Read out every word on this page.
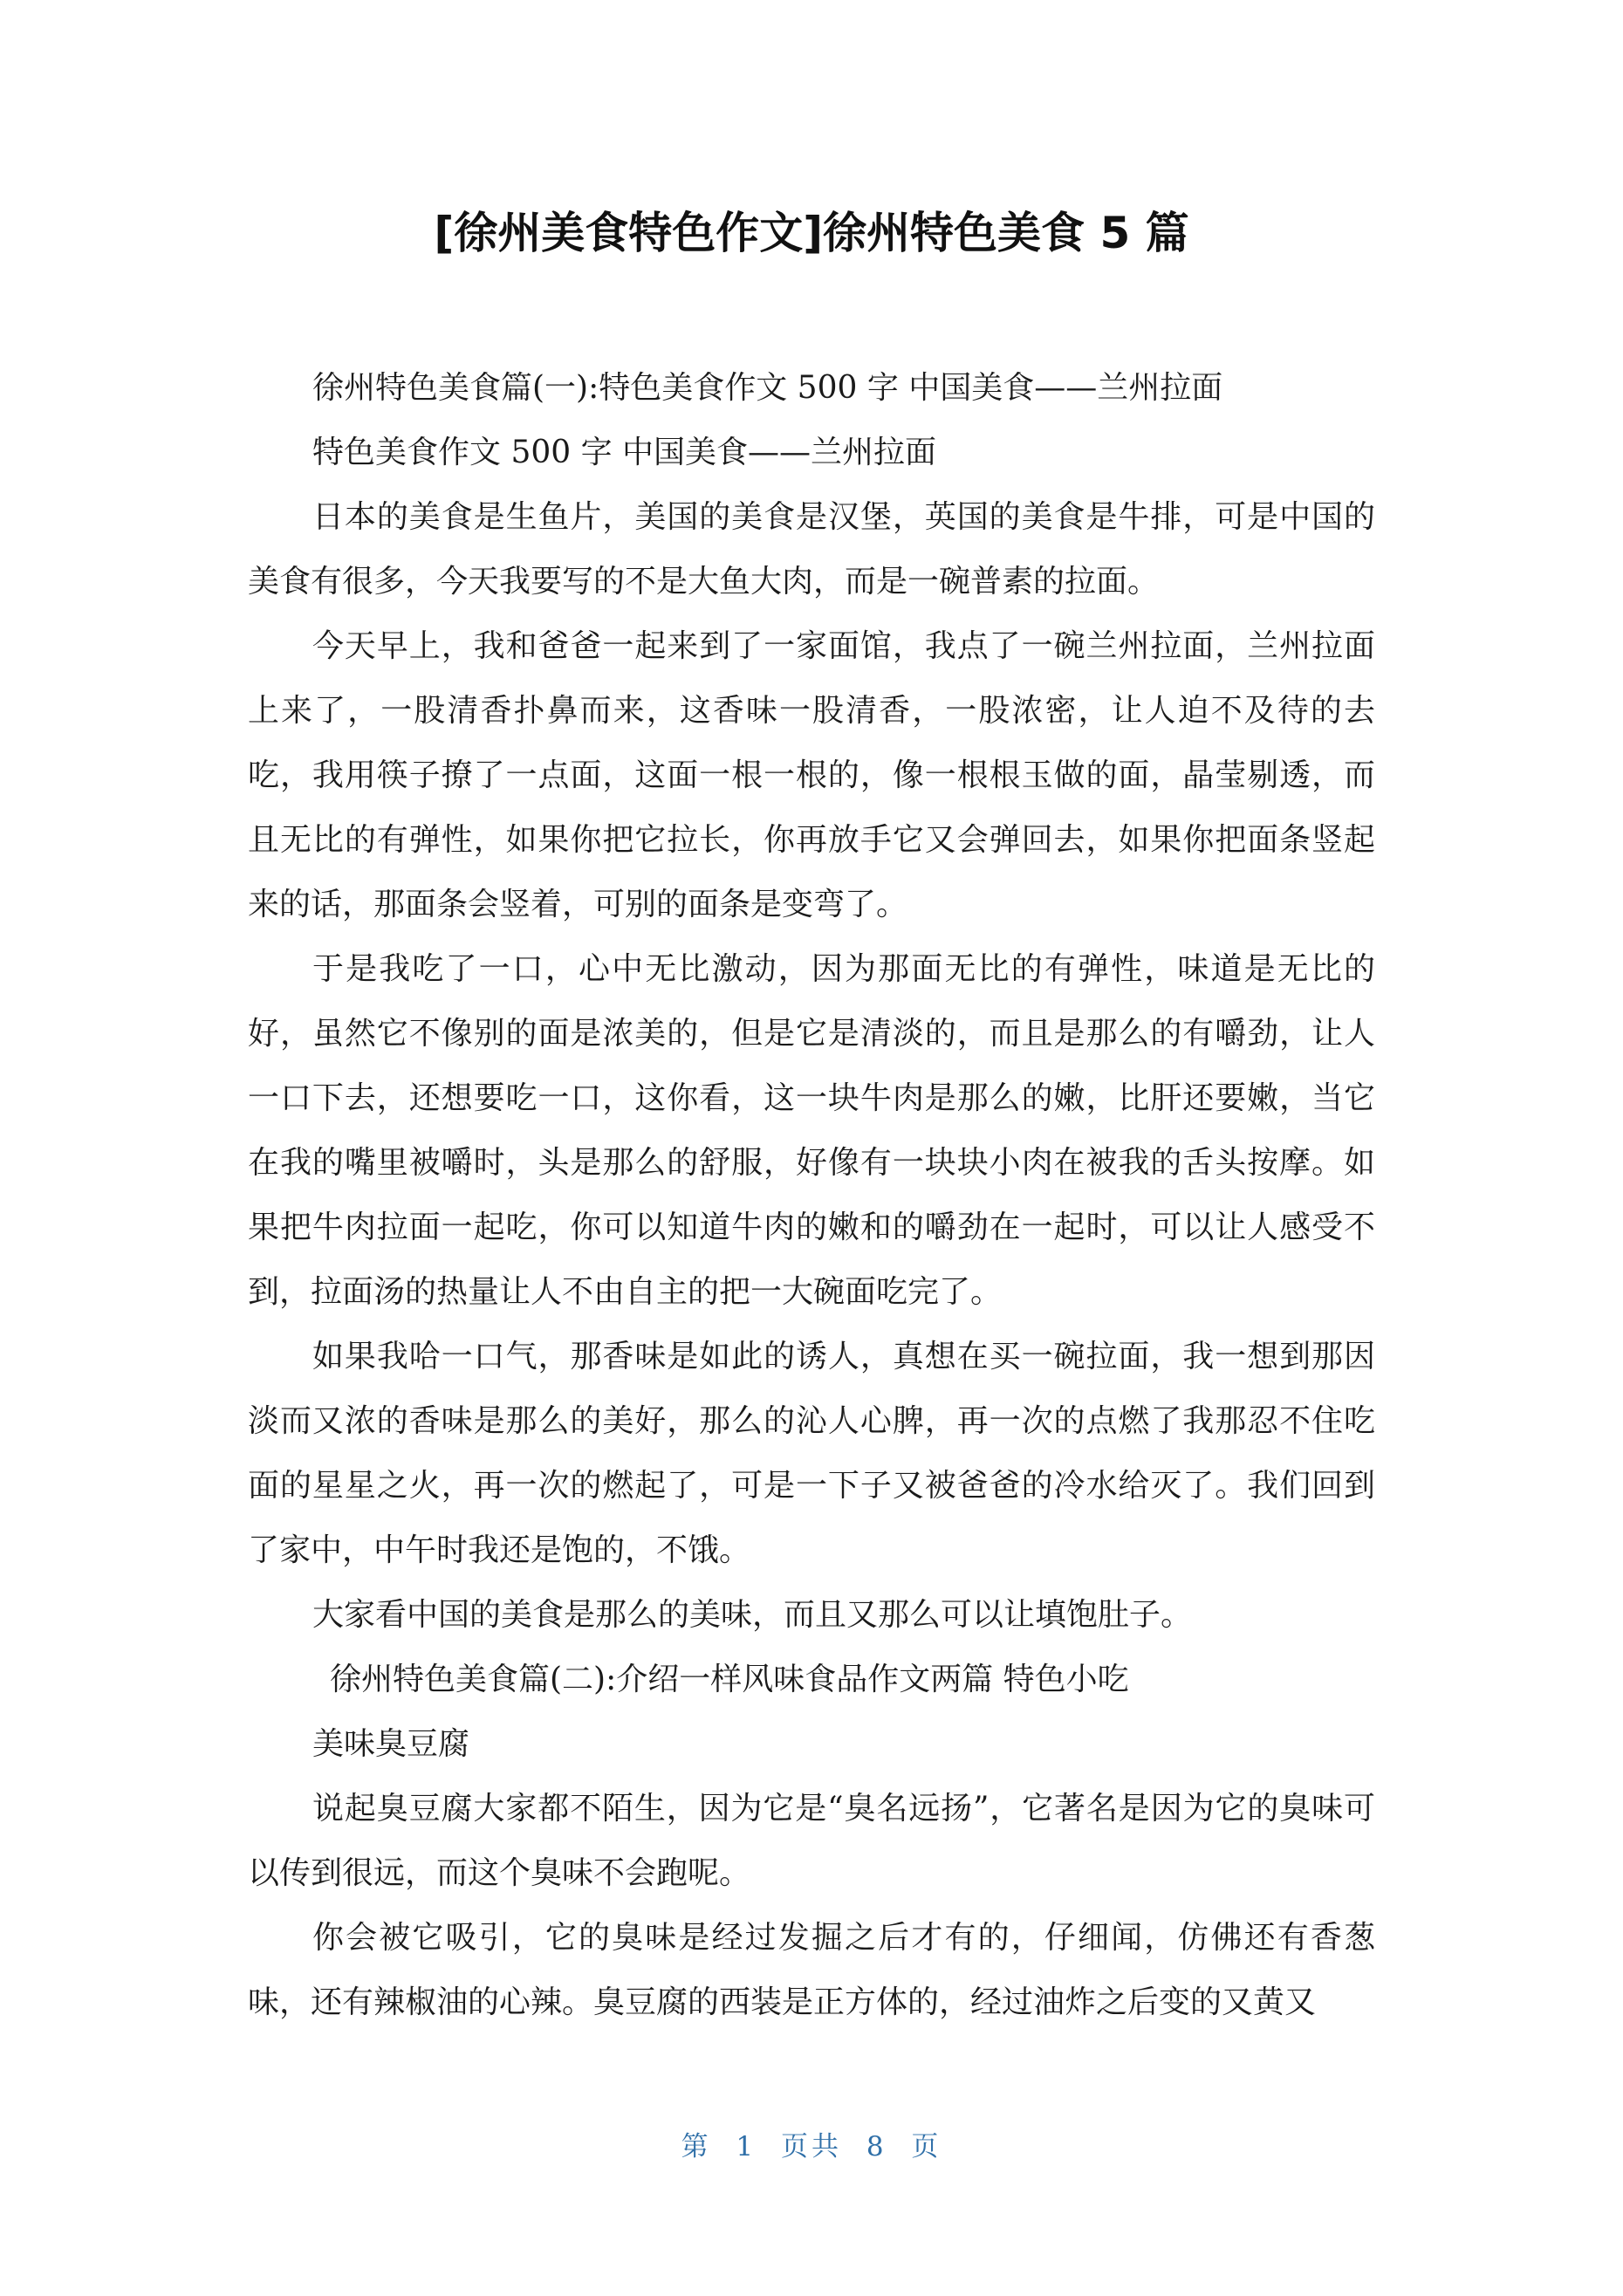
[徐州美食特色作文]徐州特色美食 5 篇

徐州特色美食篇(一):特色美食作文 500 字 中国美食——兰州拉面

特色美食作文 500 字 中国美食——兰州拉面

日本的美食是生鱼片，美国的美食是汉堡，英国的美食是牛排，可是中国的美食有很多，今天我要写的不是大鱼大肉，而是一碗普素的拉面。

今天早上，我和爸爸一起来到了一家面馆，我点了一碗兰州拉面，兰州拉面上来了，一股清香扑鼻而来，这香味一股清香，一股浓密，让人迫不及待的去吃，我用筷子撩了一点面，这面一根一根的，像一根根玉做的面，晶莹剔透，而且无比的有弹性，如果你把它拉长，你再放手它又会弹回去，如果你把面条竖起来的话，那面条会竖着，可别的面条是变弯了。

于是我吃了一口，心中无比激动，因为那面无比的有弹性，味道是无比的好，虽然它不像别的面是浓美的，但是它是清淡的，而且是那么的有嚼劲，让人一口下去，还想要吃一口，这你看，这一块牛肉是那么的嫩，比肝还要嫩，当它在我的嘴里被嚼时，头是那么的舒服，好像有一块块小肉在被我的舌头按摩。如果把牛肉拉面一起吃，你可以知道牛肉的嫩和的嚼劲在一起时，可以让人感受不到，拉面汤的热量让人不由自主的把一大碗面吃完了。

如果我哈一口气，那香味是如此的诱人，真想在买一碗拉面，我一想到那因淡而又浓的香味是那么的美好，那么的沁人心脾，再一次的点燃了我那忍不住吃面的星星之火，再一次的燃起了，可是一下子又被爸爸的冷水给灭了。我们回到了家中，中午时我还是饱的，不饿。

大家看中国的美食是那么的美味，而且又那么可以让填饱肚子。

徐州特色美食篇(二):介绍一样风味食品作文两篇 特色小吃

美味臭豆腐

说起臭豆腐大家都不陌生，因为它是“臭名远扬”，它著名是因为它的臭味可以传到很远，而这个臭味不会跑呢。

你会被它吸引，它的臭味是经过发掘之后才有的，仔细闻，仿佛还有香葱味，还有辣椒油的心辣。臭豆腐的西装是正方体的，经过油炸之后变的又黄又

第 1 页共 8 页
